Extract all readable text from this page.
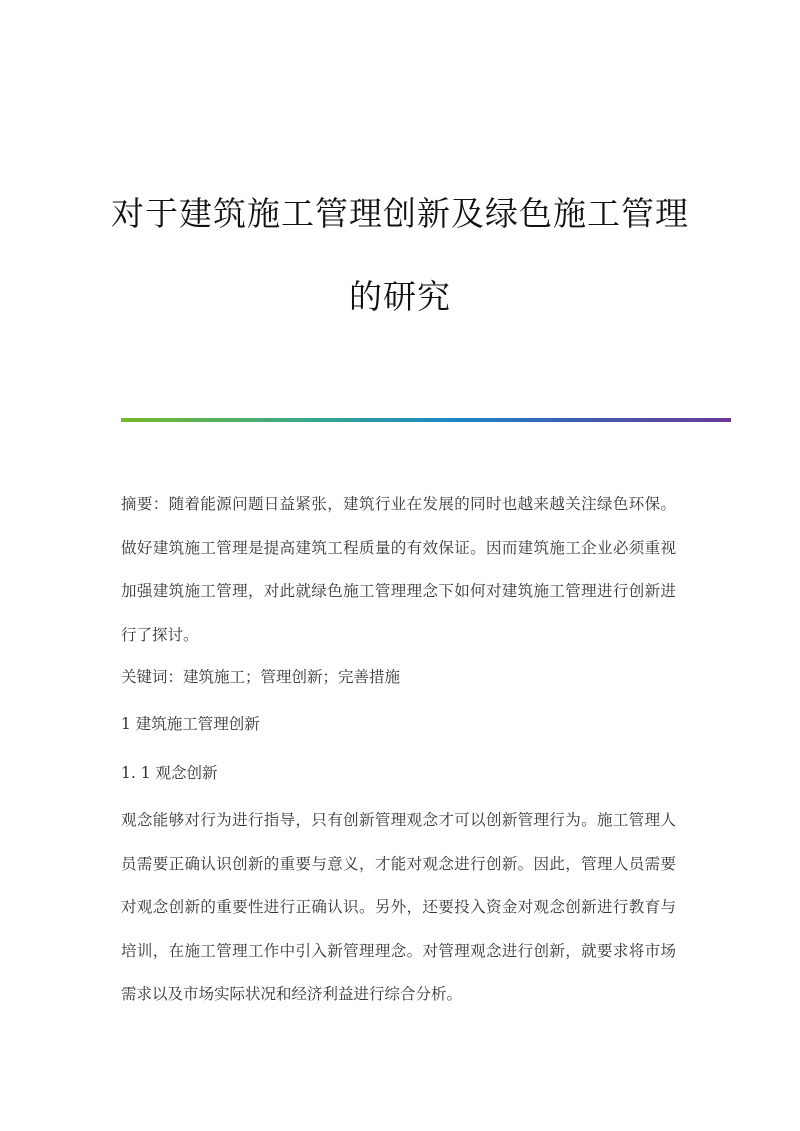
对于建筑施工管理创新及绿色施工管理
的研究
摘要：随着能源问题日益紧张，建筑行业在发展的同时也越来越关注绿色环保。做好建筑施工管理是提高建筑工程质量的有效保证。因而建筑施工企业必须重视加强建筑施工管理，对此就绿色施工管理理念下如何对建筑施工管理进行创新进行了探讨。
关键词：建筑施工；管理创新；完善措施
1 建筑施工管理创新
1. 1 观念创新
观念能够对行为进行指导，只有创新管理观念才可以创新管理行为。施工管理人员需要正确认识创新的重要与意义，才能对观念进行创新。因此，管理人员需要对观念创新的重要性进行正确认识。另外，还要投入资金对观念创新进行教育与培训，在施工管理工作中引入新管理理念。对管理观念进行创新，就要求将市场需求以及市场实际状况和经济利益进行综合分析。
